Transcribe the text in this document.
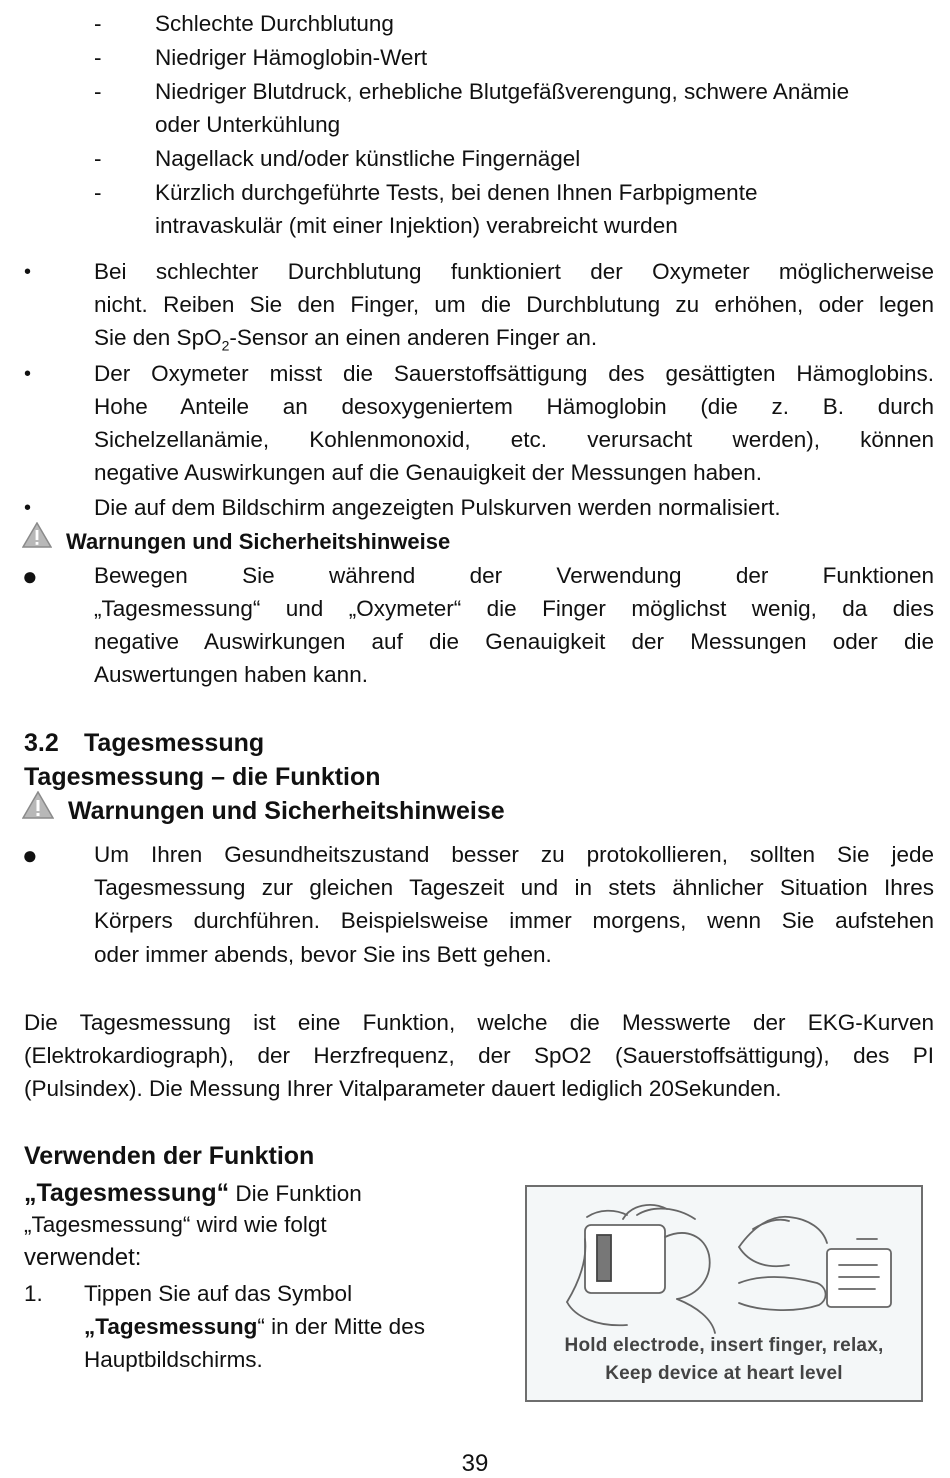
- Schlechte Durchblutung
- Niedriger Hämoglobin-Wert
- Niedriger Blutdruck, erhebliche Blutgefäßverengung, schwere Anämie
oder Unterkühlung
- Nagellack und/oder künstliche Fingernägel
- Kürzlich durchgeführte Tests, bei denen Ihnen Farbpigmente
intravaskulär (mit einer Injektion) verabreicht wurden
•	Bei schlechter Durchblutung funktioniert der Oxymeter möglicherweise
nicht. Reiben Sie den Finger, um die Durchblutung zu erhöhen, oder legen
Sie den SpO$_2$-Sensor an einen anderen Finger an.
•	Der Oxymeter misst die Sauerstoffsättigung des gesättigten Hämoglobins.
Hohe Anteile an desoxygeniertem Hämoglobin (die z. B. durch
Sichelzellanämie, Kohlenmonoxid, etc. verursacht werden), können
negative Auswirkungen auf die Genauigkeit der Messungen haben.
•	Die auf dem Bildschirm angezeigten Pulskurven werden normalisiert.
Warnungen und Sicherheitshinweise
●	Bewegen Sie während der Verwendung der Funktionen
„Tagesmessung“ und „Oxymeter“ die Finger möglichst wenig, da dies
negative Auswirkungen auf die Genauigkeit der Messungen oder die
Auswertungen haben kann.
3.2 Tagesmessung
Tagesmessung – die Funktion
Warnungen und Sicherheitshinweise
●	Um Ihren Gesundheitszustand besser zu protokollieren, sollten Sie jede
Tagesmessung zur gleichen Tageszeit und in stets ähnlicher Situation Ihres
Körpers durchführen. Beispielsweise immer morgens, wenn Sie aufstehen
oder immer abends, bevor Sie ins Bett gehen.
Die Tagesmessung ist eine Funktion, welche die Messwerte der EKG-Kurven
(Elektrokardiograph), der Herzfrequenz, der SpO2 (Sauerstoffsättigung), des PI
(Pulsindex). Die Messung Ihrer Vitalparameter dauert lediglich 20Sekunden.
Verwenden der Funktion
„Tagesmessung“ Die Funktion
„Tagesmessung“ wird wie folgt
verwendet:
1. Tippen Sie auf das Symbol
„Tagesmessung“ in der Mitte des
Hauptbildschirms.
Hold electrode, insert finger, relax,
Keep device at heart level
39
